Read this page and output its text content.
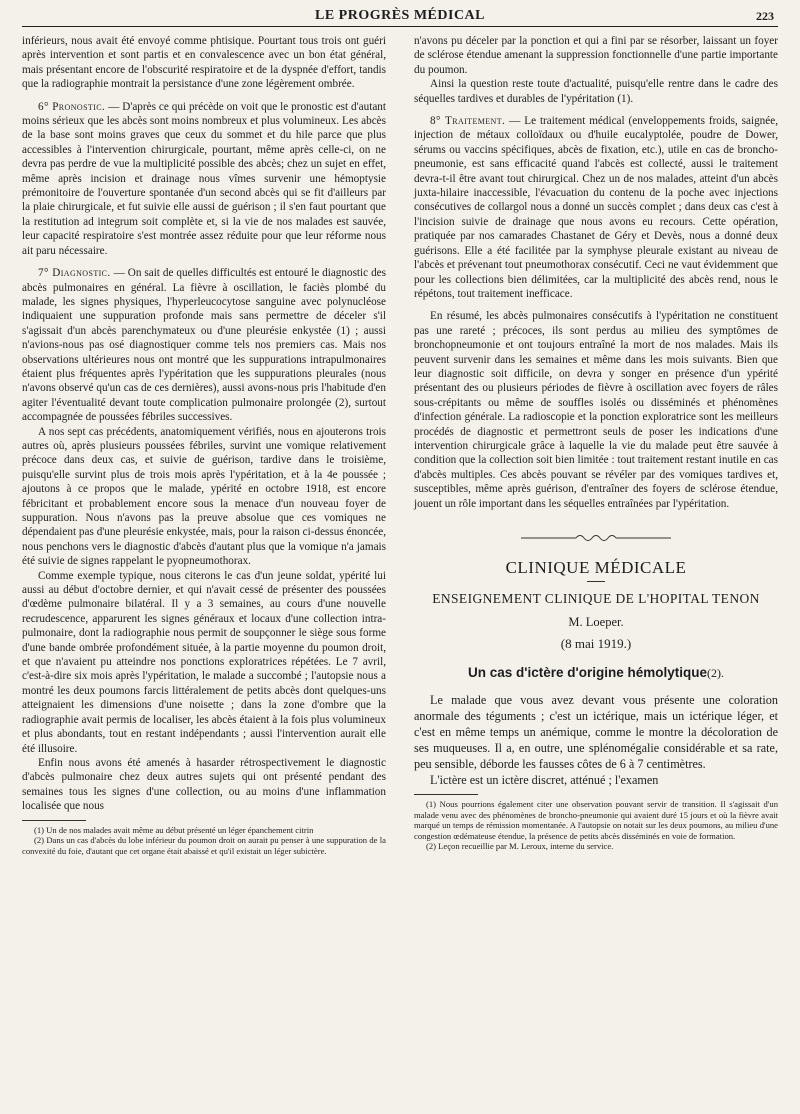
LE PROGRÈS MÉDICAL	223

inférieurs, nous avait été envoyé comme phtisique. Pourtant tous trois ont guéri après intervention et sont partis et en convalescence avec un bon état général, mais présentant encore de l'obscurité respiratoire et de la dyspnée d'effort, tandis que la radiographie montrait la persistance d'une zone légèrement ombrée.

6° Pronostic. — D'après ce qui précède on voit que le pronostic est d'autant moins sérieux que les abcès sont moins nombreux et plus volumineux. Les abcès de la base sont moins graves que ceux du sommet et du hile parce que plus accessibles à l'intervention chirurgicale, pourtant, même après celle-ci, on ne devra pas perdre de vue la multiplicité possible des abcès; chez un sujet en effet, même après incision et drainage nous vîmes survenir une hémoptysie prémonitoire de l'ouverture spontanée d'un second abcès qui se fit d'ailleurs par la plaie chirurgicale, et fut suivie elle aussi de guérison ; il s'en faut pourtant que la restitution ad integrum soit complète et, si la vie de nos malades est sauvée, leur capacité respiratoire s'est montrée assez réduite pour que leur réforme nous ait paru nécessaire.

7° Diagnostic. — On sait de quelles difficultés est entouré le diagnostic des abcès pulmonaires en général. La fièvre à oscillation, le faciès plombé du malade, les signes physiques, l'hyperleucocytose sanguine avec polynucléose indiquaient une suppuration profonde mais sans permettre de déceler s'il s'agissait d'un abcès parenchymateux ou d'une pleurésie enkystée (1) ; aussi n'avions-nous pas osé diagnostiquer comme tels nos premiers cas. Mais nos observations ultérieures nous ont montré que les suppurations intrapulmonaires étaient plus fréquentes après l'ypéritation que les suppurations pleurales (nous n'avons observé qu'un cas de ces dernières), aussi avons-nous pris l'habitude d'en agiter l'éventualité devant toute complication pulmonaire prolongée (2), surtout accompagnée de poussées fébriles successives.

A nos sept cas précédents, anatomiquement vérifiés, nous en ajouterons trois autres où, après plusieurs poussées fébriles, survint une vomique relativement précoce dans deux cas, et suivie de guérison, tardive dans le troisième, puisqu'elle survint plus de trois mois après l'ypéritation, et à la 4e poussée ; ajoutons à ce propos que le malade, ypérité en octobre 1918, est encore fébricitant et probablement encore sous la menace d'un nouveau foyer de suppuration. Nous n'avons pas la preuve absolue que ces vomiques ne dépendaient pas d'une pleurésie enkystée, mais, pour la raison ci-dessus énoncée, nous penchons vers le diagnostic d'abcès d'autant plus que la vomique n'a jamais été suivie de signes rappelant le pyopneumothorax.

Comme exemple typique, nous citerons le cas d'un jeune soldat, ypérité lui aussi au début d'octobre dernier, et qui n'avait cessé de présenter des poussées d'œdème pulmonaire bilatéral. Il y a 3 semaines, au cours d'une nouvelle recrudescence, apparurent les signes généraux et locaux d'une collection intra-pulmonaire, dont la radiographie nous permit de soupçonner le siège sous forme d'une bande ombrée profondément située, à la partie moyenne du poumon droit, et que n'avaient pu atteindre nos ponctions exploratrices répétées. Le 7 avril, c'est-à-dire six mois après l'ypéritation, le malade a succombé ; l'autopsie nous a montré les deux poumons farcis littéralement de petits abcès dont quelques-uns atteignaient les dimensions d'une noisette ; dans la zone d'ombre que la radiographie avait permis de localiser, les abcès étaient à la fois plus volumineux et plus abondants, tout en restant indépendants ; aussi l'intervention aurait elle été illusoire.

Enfin nous avons été amenés à hasarder rétrospectivement le diagnostic d'abcès pulmonaire chez deux autres sujets qui ont présenté pendant des semaines tous les signes d'une collection, ou au moins d'une inflammation localisée que nous

(1) Un de nos malades avait même au début présenté un léger épanchement citrin
(2) Dans un cas d'abcès du lobe inférieur du poumon droit on aurait pu penser à une suppuration de la convexité du foie, d'autant que cet organe était abaissé et qu'il existait un léger subictère.

n'avons pu déceler par la ponction et qui a fini par se résorber, laissant un foyer de sclérose étendue amenant la suppression fonctionnelle d'une partie importante du poumon.

Ainsi la question reste toute d'actualité, puisqu'elle rentre dans le cadre des séquelles tardives et durables de l'ypéritation (1).

8° Traitement. — Le traitement médical (enveloppements froids, saignée, injection de métaux colloïdaux ou d'huile eucalyptolée, poudre de Dower, sérums ou vaccins spécifiques, abcès de fixation, etc.), utile en cas de broncho-pneumonie, est sans efficacité quand l'abcès est collecté, aussi le traitement devra-t-il être avant tout chirurgical. Chez un de nos malades, atteint d'un abcès juxta-hilaire inaccessible, l'évacuation du contenu de la poche avec injections consécutives de collargol nous a donné un succès complet ; dans deux cas c'est à l'incision suivie de drainage que nous avons eu recours. Cette opération, pratiquée par nos camarades Chastanet de Géry et Devès, nous a donné deux guérisons. Elle a été facilitée par la symphyse pleurale existant au niveau de l'abcès et prévenant tout pneumothorax consécutif. Ceci ne vaut évidemment que pour les collections bien délimitées, car la multiplicité des abcès rend, nous le répétons, tout traitement inefficace.

En résumé, les abcès pulmonaires consécutifs à l'ypéritation ne constituent pas une rareté ; précoces, ils sont perdus au milieu des symptômes de bronchopneumonie et ont toujours entraîné la mort de nos malades. Mais ils peuvent survenir dans les semaines et même dans les mois suivants. Bien que leur diagnostic soit difficile, on devra y songer en présence d'un ypérité présentant des ou plusieurs périodes de fièvre à oscillation avec foyers de râles sous-crépitants ou même de souffles isolés ou disséminés et phénomènes d'infection générale. La radioscopie et la ponction exploratrice sont les meilleurs procédés de diagnostic et permettront seuls de poser les indications d'une intervention chirurgicale grâce à laquelle la vie du malade peut être sauvée à condition que la collection soit bien limitée : tout traitement restant inutile en cas d'abcès multiples. Ces abcès pouvant se révéler par des vomiques tardives et, susceptibles, même après guérison, d'entraîner des foyers de sclérose étendue, jouent un rôle important dans les séquelles entraînées par l'ypéritation.

CLINIQUE MÉDICALE
ENSEIGNEMENT CLINIQUE DE L'HOPITAL TENON
M. Loeper.
(8 mai 1919.)
Un cas d'ictère d'origine hémolytique(2).

Le malade que vous avez devant vous présente une coloration anormale des téguments ; c'est un ictérique, mais un ictérique léger, et c'est en même temps un anémique, comme le montre la décoloration de ses muqueuses. Il a, en outre, une splénomégalie considérable et sa rate, peu sensible, déborde les fausses côtes de 6 à 7 centimètres.

L'ictère est un ictère discret, atténué ; l'examen

(1) Nous pourrions également citer une observation pouvant servir de transition. Il s'agissait d'un malade venu avec des phénomènes de broncho-pneumonie qui avaient duré 15 jours et où la fièvre avait marqué un temps de rémission momentanée. A l'autopsie on notait sur les deux poumons, au milieu d'une congestion œdémateuse étendue, la présence de petits abcès disséminés en voie de formation.
(2) Leçon recueillie par M. Leroux, interne du service.
